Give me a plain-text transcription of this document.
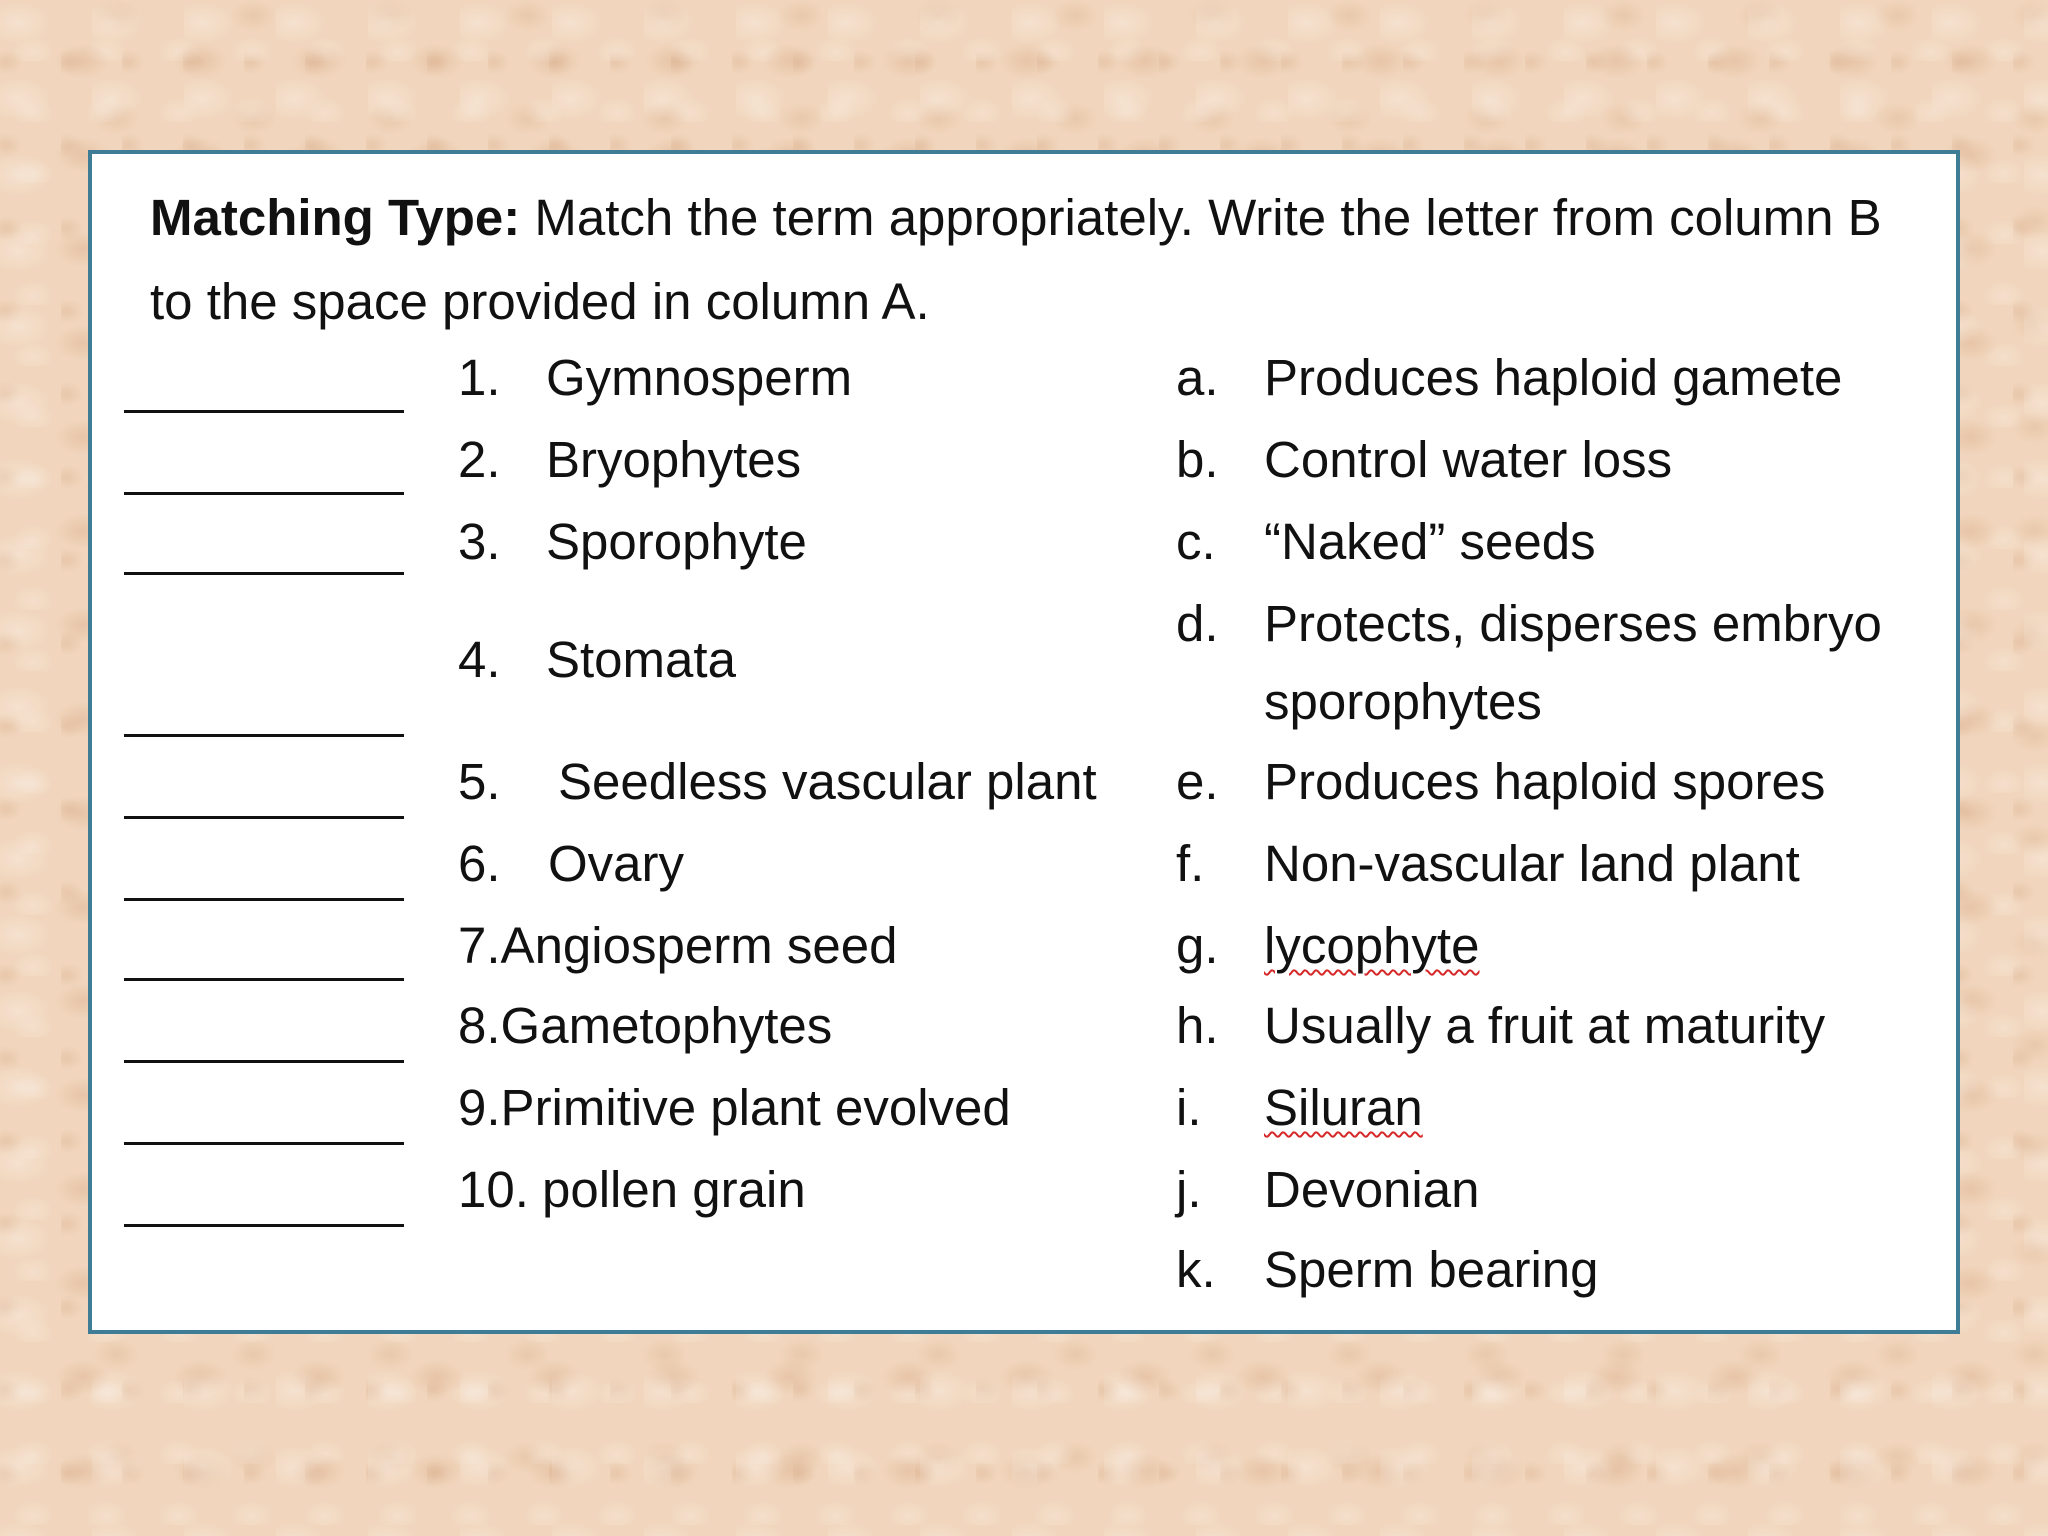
Matching Type: Match the term appropriately. Write the letter from column B to the space provided in column A.

1. Gymnosperm
2. Bryophytes
3. Sporophyte
4. Stomata
5. Seedless vascular plant
6. Ovary
7.Angiosperm seed
8.Gametophytes
9.Primitive plant evolved
10. pollen grain
a. Produces haploid gamete
b. Control water loss
c. “Naked” seeds
d. Protects, disperses embryo
sporophytes
e. Produces haploid spores
f. Non-vascular land plant
g. lycophyte
h. Usually a fruit at maturity
i. Siluran
j. Devonian
k. Sperm bearing
